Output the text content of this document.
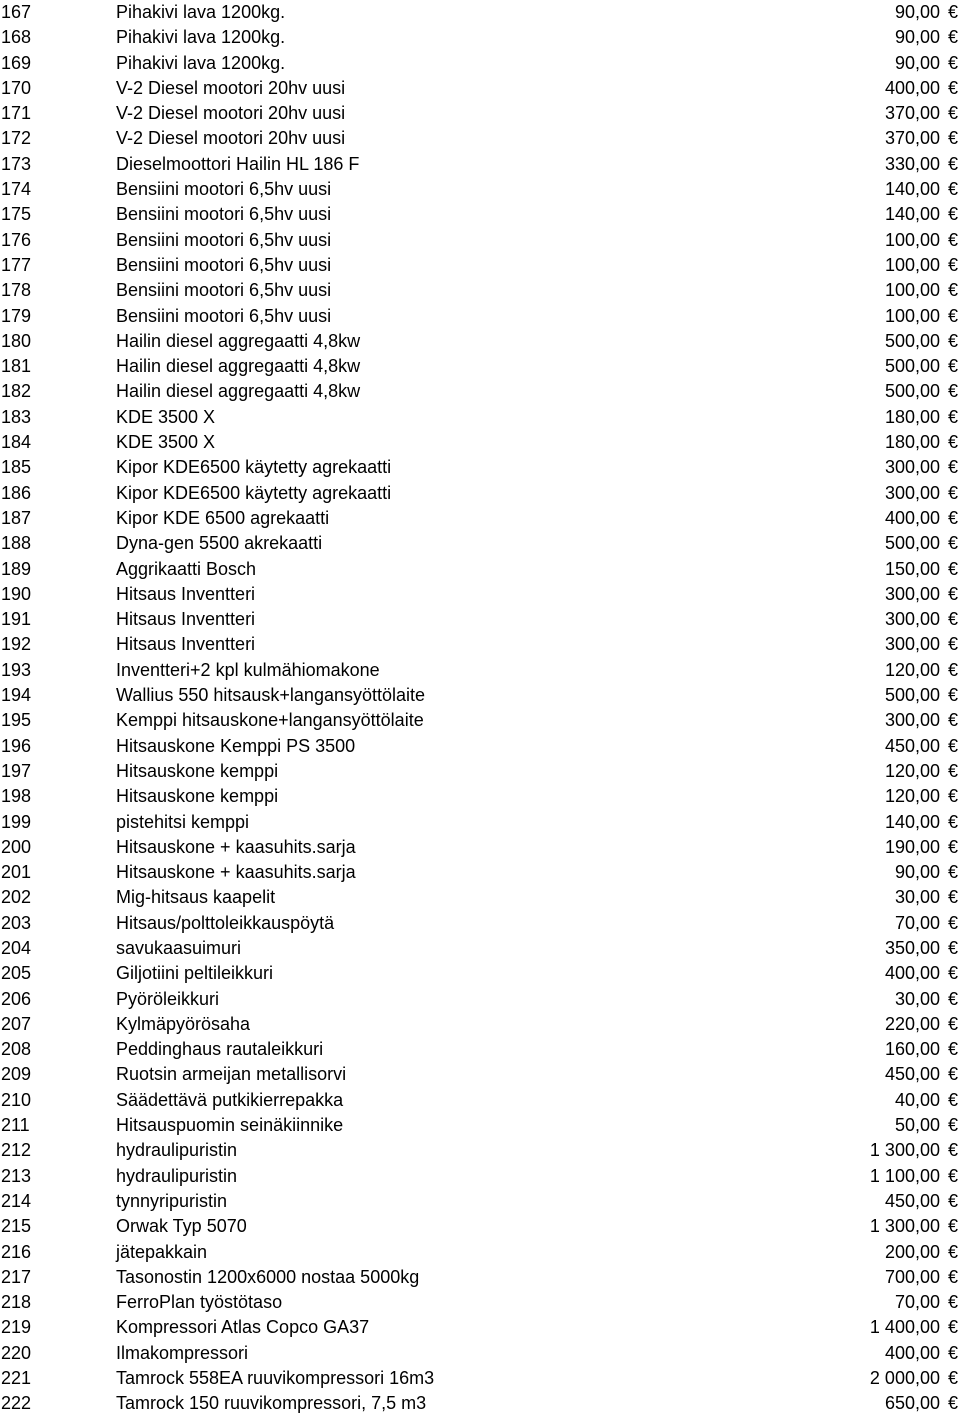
167	Pihakivi lava 1200kg.	90,00 €
168	Pihakivi lava 1200kg.	90,00 €
169	Pihakivi lava 1200kg.	90,00 €
170	V-2 Diesel mootori 20hv uusi	400,00 €
171	V-2 Diesel mootori 20hv uusi	370,00 €
172	V-2 Diesel mootori 20hv uusi	370,00 €
173	Dieselmoottori Hailin HL 186 F	330,00 €
174	Bensiini mootori 6,5hv uusi	140,00 €
175	Bensiini mootori 6,5hv uusi	140,00 €
176	Bensiini mootori 6,5hv uusi	100,00 €
177	Bensiini mootori 6,5hv uusi	100,00 €
178	Bensiini mootori 6,5hv uusi	100,00 €
179	Bensiini mootori 6,5hv uusi	100,00 €
180	Hailin diesel aggregaatti 4,8kw	500,00 €
181	Hailin diesel aggregaatti 4,8kw	500,00 €
182	Hailin diesel aggregaatti 4,8kw	500,00 €
183	KDE 3500 X	180,00 €
184	KDE 3500 X	180,00 €
185	Kipor KDE6500 käytetty agrekaatti	300,00 €
186	Kipor KDE6500 käytetty agrekaatti	300,00 €
187	Kipor KDE 6500 agrekaatti	400,00 €
188	Dyna-gen 5500 akrekaatti	500,00 €
189	Aggrikaatti Bosch	150,00 €
190	Hitsaus Inventteri	300,00 €
191	Hitsaus Inventteri	300,00 €
192	Hitsaus Inventteri	300,00 €
193	Inventteri+2 kpl kulmähiomakone	120,00 €
194	Wallius 550 hitsausk+langansyöttölaite	500,00 €
195	Kemppi hitsauskone+langansyöttölaite	300,00 €
196	Hitsauskone Kemppi PS 3500	450,00 €
197	Hitsauskone kemppi	120,00 €
198	Hitsauskone kemppi	120,00 €
199	pistehitsi kemppi	140,00 €
200	Hitsauskone + kaasuhits.sarja	190,00 €
201	Hitsauskone + kaasuhits.sarja	90,00 €
202	Mig-hitsaus kaapelit	30,00 €
203	Hitsaus/polttoleikkauspöytä	70,00 €
204	savukaasuimuri	350,00 €
205	Giljotiini peltileikkuri	400,00 €
206	Pyöröleikkuri	30,00 €
207	Kylmäpyörösaha	220,00 €
208	Peddinghaus rautaleikkuri	160,00 €
209	Ruotsin armeijan metallisorvi	450,00 €
210	Säädettävä putkikierrepakka	40,00 €
211	Hitsauspuomin seinäkiinnike	50,00 €
212	hydraulipuristin	1 300,00 €
213	hydraulipuristin	1 100,00 €
214	tynnyripuristin	450,00 €
215	Orwak Typ 5070	1 300,00 €
216	jätepakkain	200,00 €
217	Tasonostin 1200x6000 nostaa 5000kg	700,00 €
218	FerroPlan työstötaso	70,00 €
219	Kompressori Atlas Copco GA37	1 400,00 €
220	Ilmakompressori	400,00 €
221	Tamrock 558EA ruuvikompressori 16m3	2 000,00 €
222	Tamrock 150 ruuvikompressori, 7,5 m3	650,00 €
